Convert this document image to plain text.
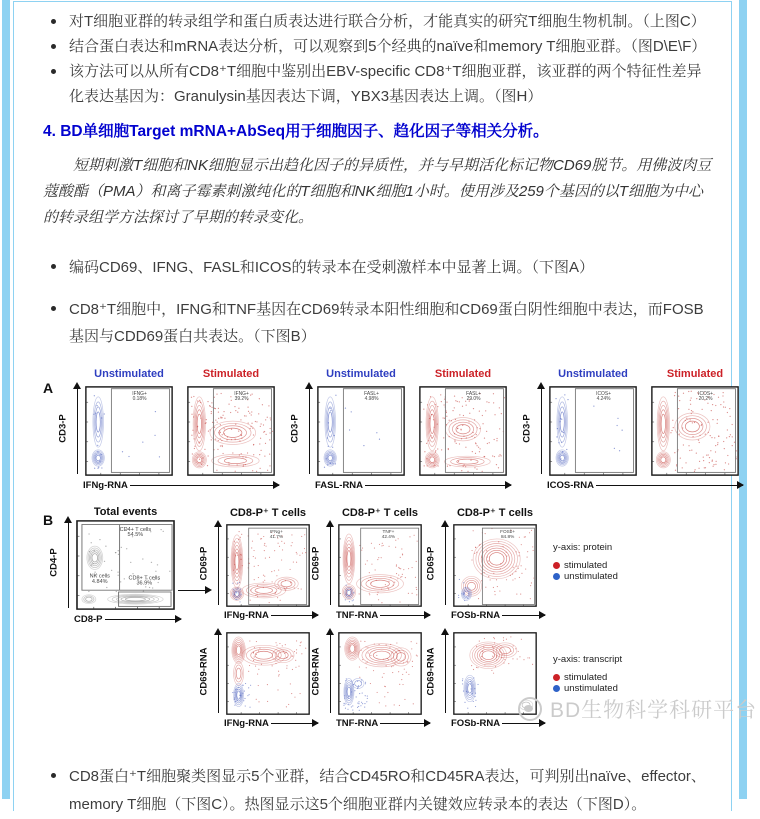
对T细胞亚群的转录组学和蛋白质表达进行联合分析，才能真实的研究T细胞生物机制。（上图C）
结合蛋白表达和mRNA表达分析，可以观察到5个经典的naïve和memory T细胞亚群。（图D\E\F）
该方法可以从所有CD8⁺T细胞中鉴别出EBV-specific CD8⁺T细胞亚群，该亚群的两个特征性差异化表达基因为：Granulysin基因表达下调，YBX3基因表达上调。（图H）
4. BD单细胞Target mRNA+AbSeq用于细胞因子、趋化因子等相关分析。
短期刺激T细胞和NK细胞显示出趋化因子的异质性，并与早期活化标记物CD69脱节。用佛波肉豆蔻酸酯（PMA）和离子霉素刺激纯化的T细胞和NK细胞1小时。使用涉及259个基因的以T细胞为中心的转录组学方法探讨了早期的转录变化。
编码CD69、IFNG、FASL和ICOS的转录本在受刺激样本中显著上调。（下图A）
CD8⁺T细胞中，IFNG和TNF基因在CD69转录本阳性细胞和CD69蛋白阴性细胞中表达，而FOSB基因与CDD69蛋白共表达。（下图B）
A
Unstimulated
IFNG+
0.18%
Stimulated
IFNG+
39.2%
CD3-P
IFNg-RNA
Unstimulated
FASL+
4.98%
Stimulated
FASL+
29.0%
CD3-P
FASL-RNA
Unstimulated
ICOS+
4.24%
Stimulated
ICOS+
20.2%
CD3-P
ICOS-RNA
B	Total events
CD4+ T cells
54.5%
NK cells
4.84%
CD8+ T cells
36.9%
CD4-P
CD8-P
CD8-P⁺ T cells
IFNg+
41.7%
CD69-P
IFNg-RNA
CD69-RNA
IFNg-RNA
CD8-P⁺ T cells
TNF+
42.4%
CD69-P
TNF-RNA
CD69-RNA
TNF-RNA
CD8-P⁺ T cells
FOSb+
84.8%
CD69-P
FOSb-RNA
CD69-RNA
FOSb-RNA
y-axis: protein
stimulated
unstimulated
y-axis: transcript
stimulated
unstimulated
BD生物科学科研平台
CD8蛋白⁺T细胞聚类图显示5个亚群，结合CD45RO和CD45RA表达，可判别出naïve、effector、memory T细胞（下图C）。热图显示这5个细胞亚群内关键效应转录本的表达（下图D）。
